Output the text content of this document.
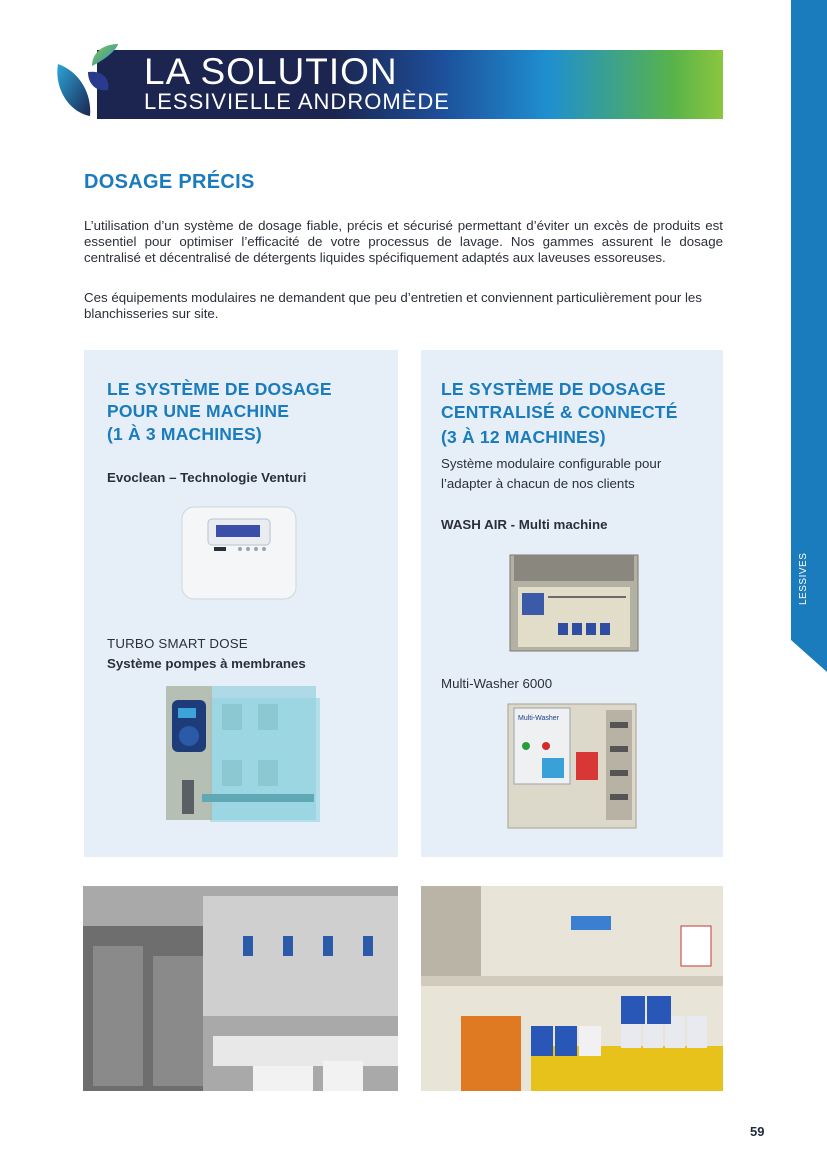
LA SOLUTION
LESSIVIELLE ANDROMÈDE
LESSIVES
DOSAGE PRÉCIS

L’utilisation d’un système de dosage fiable, précis et sécurisé permettant d’éviter un excès de produits est essentiel pour optimiser l’efficacité de votre processus de lavage. Nos gammes assurent le dosage centralisé et décentralisé de détergents liquides spécifiquement adaptés aux laveuses essoreuses.

Ces équipements modulaires ne demandent que peu d’entretien et conviennent particulièrement pour les blanchisseries sur site.

LE SYSTÈME DE DOSAGE
POUR UNE MACHINE
(1 À 3 MACHINES)
Evoclean – Technologie Venturi
TURBO SMART DOSE
Système pompes à membranes
LE SYSTÈME DE DOSAGE
CENTRALISÉ & CONNECTÉ
(3 À 12 MACHINES)

Système modulaire configurable pour

l’adapter à chacun de nos clients

WASH AIR - Multi machine
Multi-Washer 6000
Multi-Washer
59
